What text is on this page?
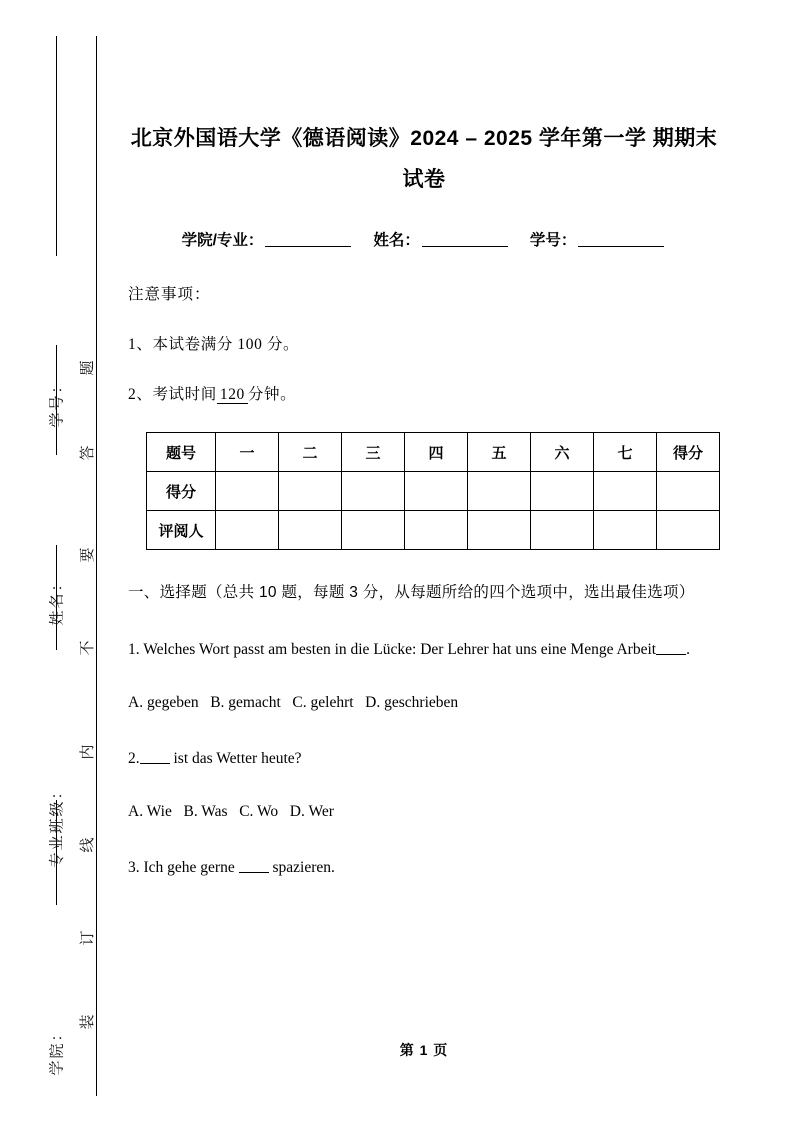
学号：
姓名：
专业班级：
学院：
题
答
要
不
内
线
订
装
北京外国语大学《德语阅读》2024 – 2025 学年第一学 期期末试卷
学院/专业：	姓名：	学号：

注意事项：

1、本试卷满分 100 分。

2、考试时间 120 分钟。

题号	一	二	三	四	五	六	七	得分
得分								
评阅人								

一、选择题（总共 10 题，每题 3 分，从每题所给的四个选项中，选出最佳选项）

1. Welches Wort passt am besten in die Lücke: Der Lehrer hat uns eine Menge Arbeit .

A. gegeben   B. gemacht   C. gelehrt   D. geschrieben

2. ist das Wetter heute?

A. Wie   B. Was   C. Wo   D. Wer

3. Ich gehe gerne spazieren.

第 1 页
